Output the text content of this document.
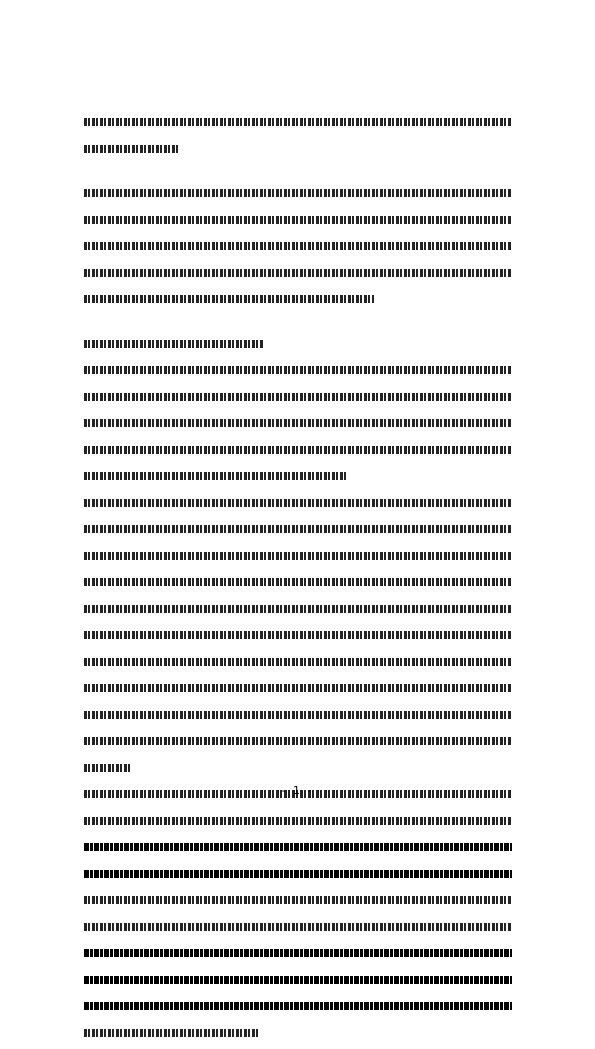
- 1 -
